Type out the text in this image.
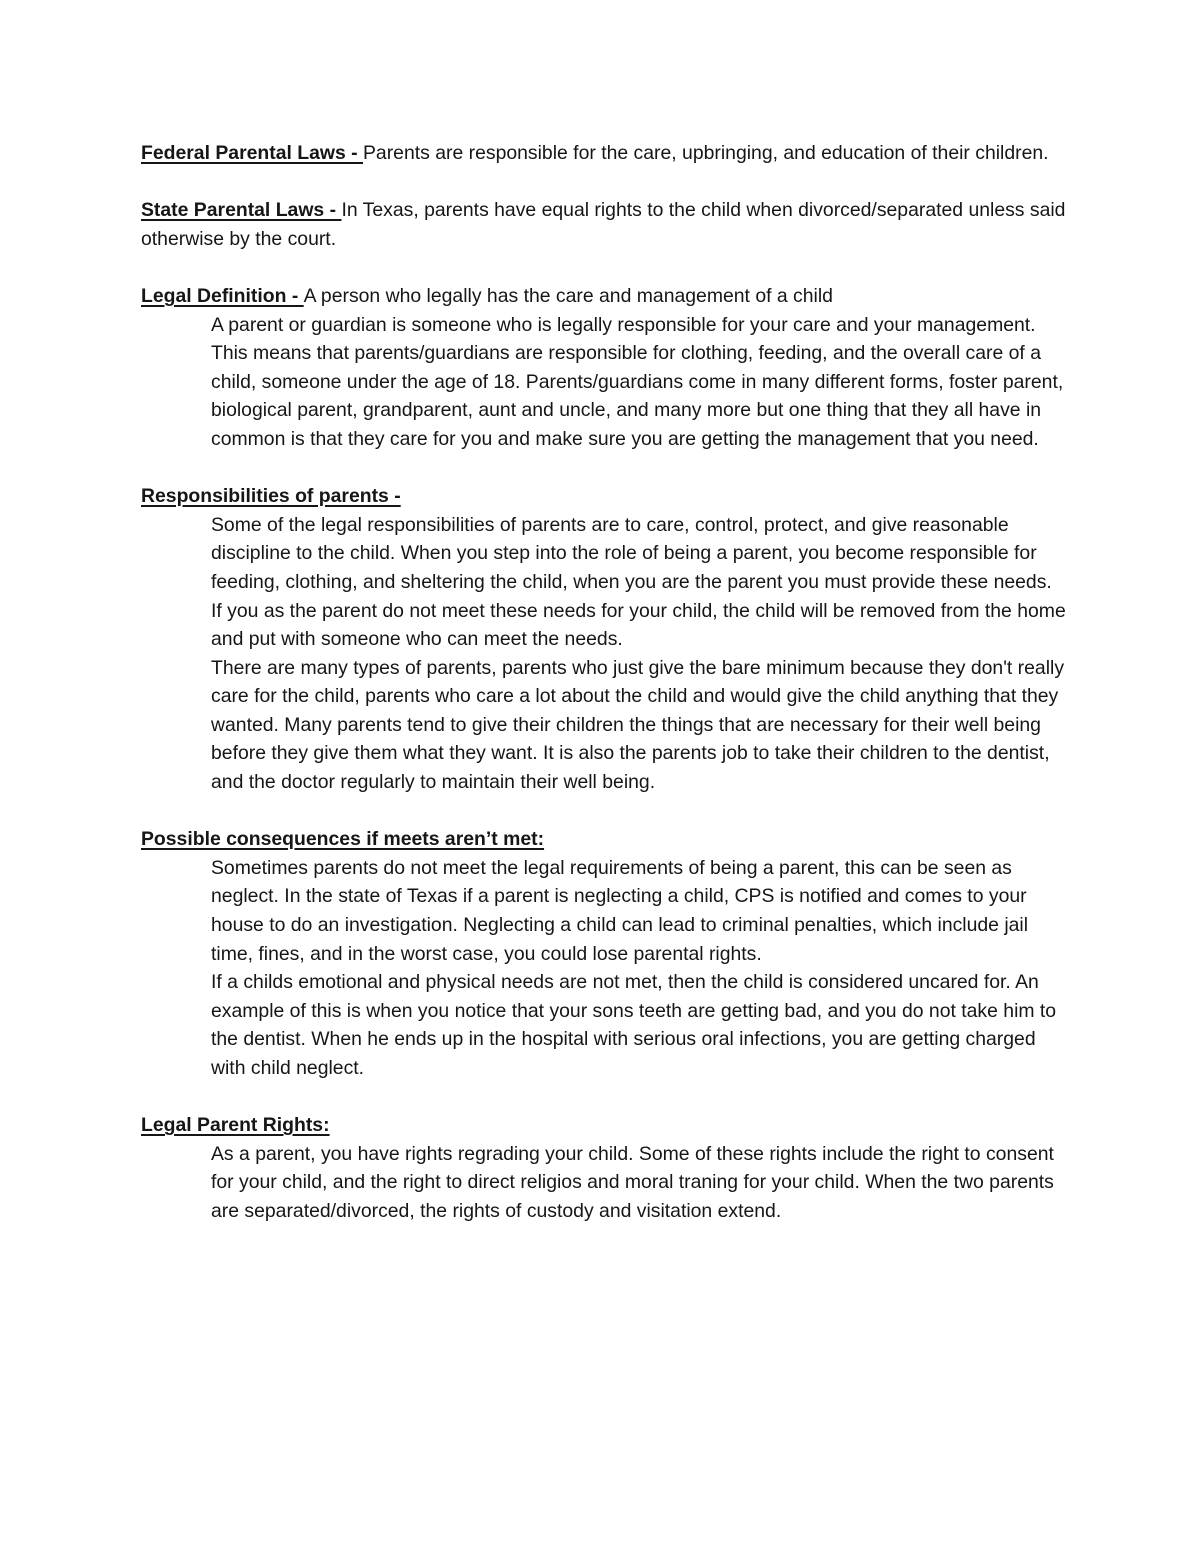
Federal Parental Laws - Parents are responsible for the care, upbringing, and education of their children.

State Parental Laws - In Texas, parents have equal rights to the child when divorced/separated unless said otherwise by the court.

Legal Definition - A person who legally has the care and management of a child

A parent or guardian is someone who is legally responsible for your care and your management. This means that parents/guardians are responsible for clothing, feeding, and the overall care of a child, someone under the age of 18. Parents/guardians come in many different forms, foster parent, biological parent, grandparent, aunt and uncle, and many more but one thing that they all have in common is that they care for you and make sure you are getting the management that you need.

Responsibilities of parents -

Some of the legal responsibilities of parents are to care, control, protect, and give reasonable discipline to the child. When you step into the role of being a parent, you become responsible for feeding, clothing, and sheltering the child, when you are the parent you must provide these needs. If you as the parent do not meet these needs for your child, the child will be removed from the home and put with someone who can meet the needs.

There are many types of parents, parents who just give the bare minimum because they don't really care for the child, parents who care a lot about the child and would give the child anything that they wanted. Many parents tend to give their children the things that are necessary for their well being before they give them what they want. It is also the parents job to take their children to the dentist, and the doctor regularly to maintain their well being.

Possible consequences if meets aren’t met:

Sometimes parents do not meet the legal requirements of being a parent, this can be seen as neglect. In the state of Texas if a parent is neglecting a child, CPS is notified and comes to your house to do an investigation. Neglecting a child can lead to criminal penalties, which include jail time, fines, and in the worst case, you could lose parental rights.

If a childs emotional and physical needs are not met, then the child is considered uncared for. An example of this is when you notice that your sons teeth are getting bad, and you do not take him to the dentist. When he ends up in the hospital with serious oral infections, you are getting charged with child neglect.

Legal Parent Rights:

As a parent, you have rights regrading your child. Some of these rights include the right to consent for your child, and the right to direct religios and moral traning for your child. When the two parents are separated/divorced, the rights of custody and visitation extend.
